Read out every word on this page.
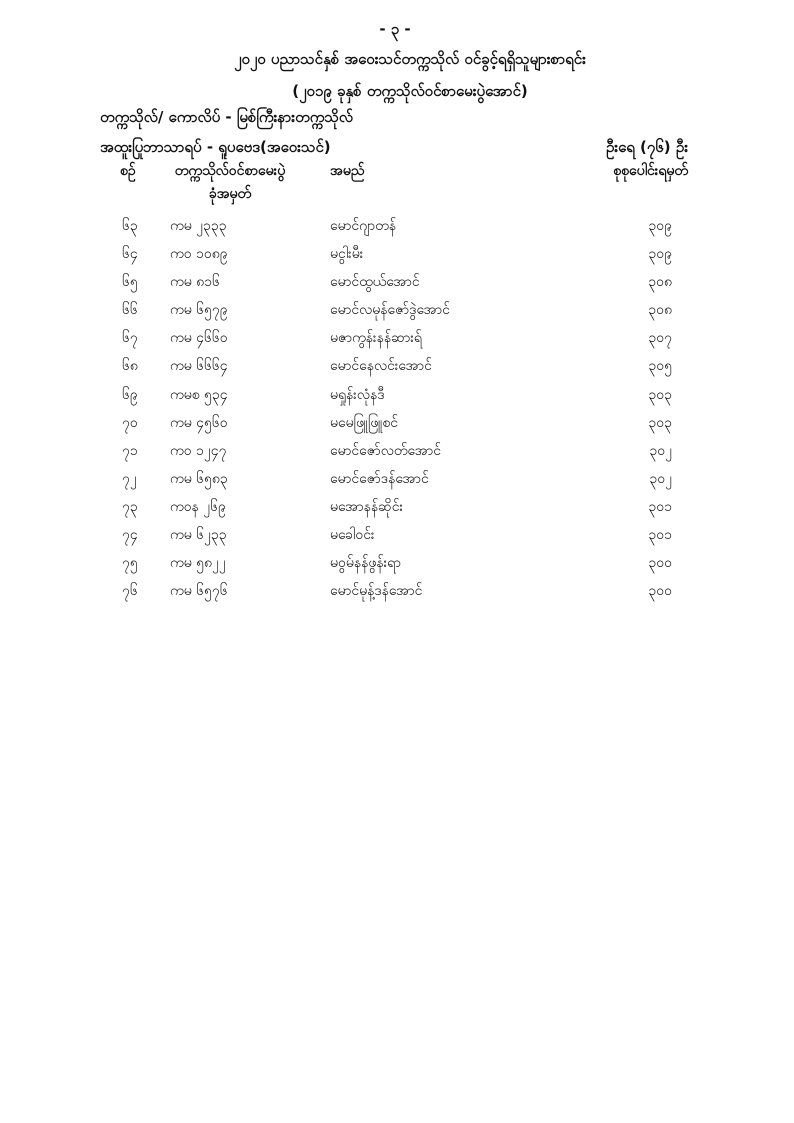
- ၃ -
၂၀၂၀ ပညာသင်နှစ် အဝေးသင်တက္ကသိုလ် ဝင်ခွင့်ရရှိသူများစာရင်း
(၂၀၁၉ ခုနှစ် တက္ကသိုလ်ဝင်စာမေးပွဲအောင်)
တက္ကသိုလ်/ ကောလိပ် - မြစ်ကြီးနားတက္ကသိုလ်
အထူးပြုဘာသာရပ် - ရူပဗေဒ(အဝေးသင်)	ဦးရေ (၇၆) ဦး
စဉ်	တက္ကသိုလ်ဝင်စာမေးပွဲ
ခုံအမှတ်
အမည်	စုစုပေါင်းရမှတ်
၆၃	ကမ ၂၃၃၃	မောင်ဂျာတန်	၃၀၉
၆၄	ကဝ ၁၀၈၉	မငွါးမီး	၃၀၉
၆၅	ကမ ၈၁၆	မောင်ထွယ်အောင်	၃၀၈
၆၆	ကမ ၆၅၇၉	မောင်လမုန်ဇော်ဒွဲအောင်	၃၀၈
၆၇	ကမ ၄၆၆၀	မဇာကွန်းနန်ဆားရ်	၃၀၇
၆၈	ကမ ၆၆၆၄	မောင်နေလင်းအောင်	၃၀၅
၆၉	ကမစ ၅၃၄	မရှုန်းလုံနဒီ	၃၀၃
၇၀	ကမ ၄၅၆၀	မမေဖြူဖြူစင်	၃၀၃
၇၁	ကဝ ၁၂၄၇	မောင်ဇော်လတ်အောင်	၃၀၂
၇၂	ကမ ၆၅၈၃	မောင်ဇော်ဒန်အောင်	၃၀၂
၇၃	ကဝန ၂၆၉	မအောနန်ဆိုင်း	၃၀၁
၇၄	ကမ ၆၂၃၃	မခေါဝင်း	၃၀၁
၇၅	ကမ ၅၈၂၂	မဝွမ်နန်ဖွန်းရာ	၃၀၀
၇၆	ကမ ၆၅၇၆	မောင်မုန့်ဒန်အောင်	၃၀၀
